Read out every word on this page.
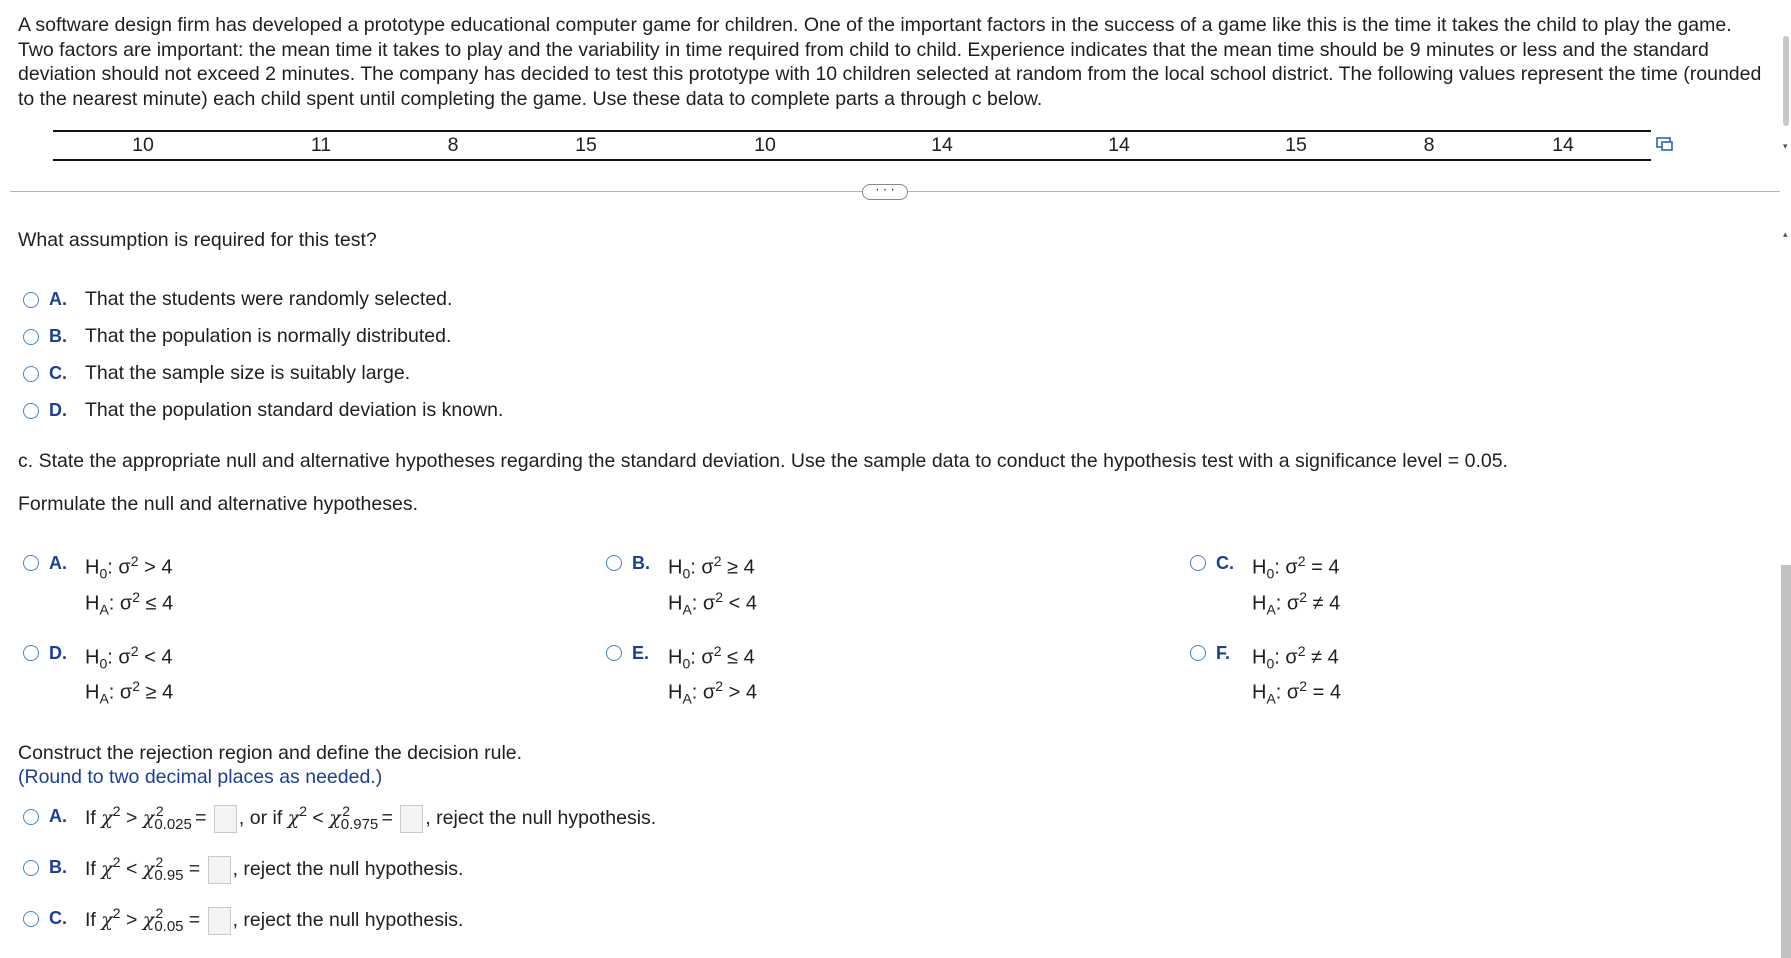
A software design firm has developed a prototype educational computer game for children. One of the important factors in the success of a game like this is the time it takes the child to play the game. Two factors are important: the mean time it takes to play and the variability in time required from child to child. Experience indicates that the mean time should be 9 minutes or less and the standard deviation should not exceed 2 minutes. The company has decided to test this prototype with 10 children selected at random from the local school district. The following values represent the time (rounded to the nearest minute) each child spent until completing the game. Use these data to complete parts a through c below.
10	11	8	15	10	14	14	15	8	14
· · ·
▾
▴
What assumption is required for this test?
A. That the students were randomly selected.
B. That the population is normally distributed.
C. That the sample size is suitably large.
D. That the population standard deviation is known.
c. State the appropriate null and alternative hypotheses regarding the standard deviation. Use the sample data to conduct the hypothesis test with a significance level = 0.05.
Formulate the null and alternative hypotheses.
A. $H_0$: $\sigma^2 > 4$
$H_A$: $\sigma^2 \le 4$
B. $H_0$: $\sigma^2 \ge 4$
$H_A$: $\sigma^2 < 4$
C. $H_0$: $\sigma^2 = 4$
$H_A$: $\sigma^2 \ne 4$
D. $H_0$: $\sigma^2 < 4$
$H_A$: $\sigma^2 \ge 4$
E. $H_0$: $\sigma^2 \le 4$
$H_A$: $\sigma^2 > 4$
F. $H_0$: $\sigma^2 \ne 4$
$H_A$: $\sigma^2 = 4$
Construct the rejection region and define the decision rule.
(Round to two decimal places as needed.)
A. If $\chi^2 > \chi_{0.025}^2$ = , or if $\chi^2 < \chi_{0.975}^2$ = , reject the null hypothesis.
B. If $\chi^2 < \chi_{0.95}^2$ = , reject the null hypothesis.
C. If $\chi^2 > \chi_{0.05}^2$ = , reject the null hypothesis.
